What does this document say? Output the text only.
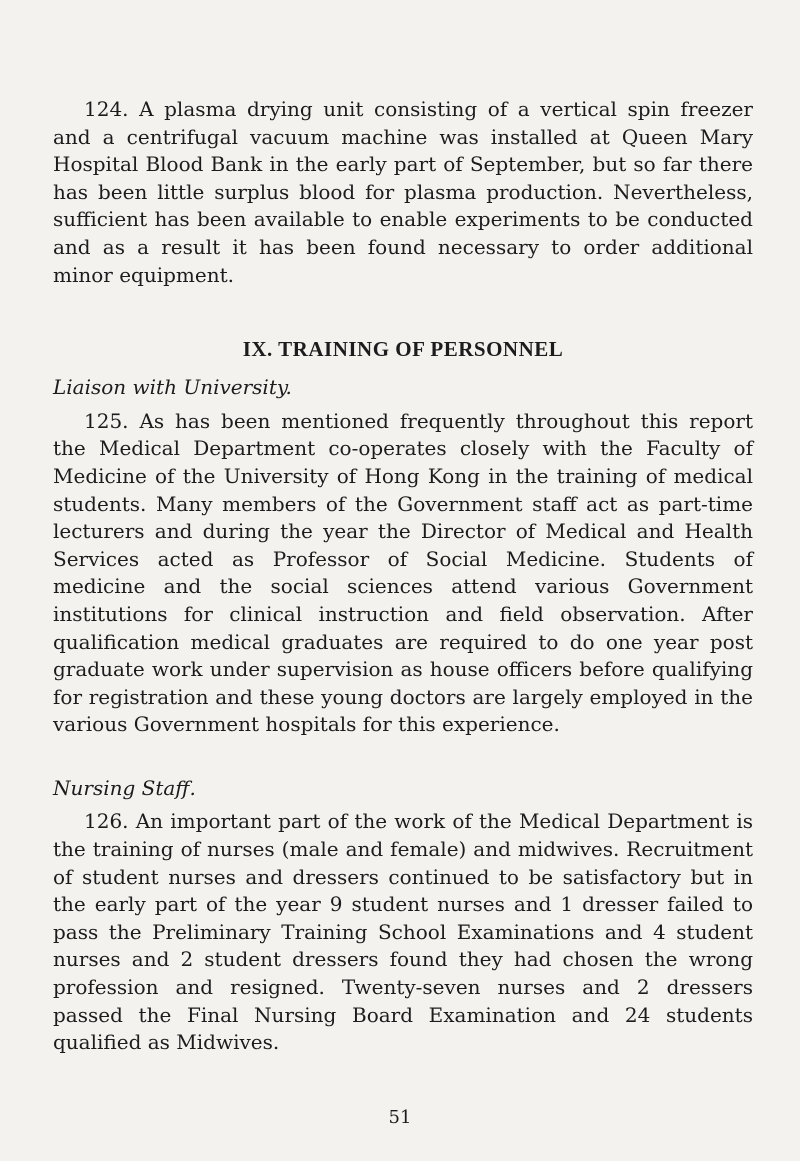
124. A plasma drying unit consisting of a vertical spin freezer and a centrifugal vacuum machine was installed at Queen Mary Hospital Blood Bank in the early part of September, but so far there has been little surplus blood for plasma production. Nevertheless, sufficient has been available to enable experiments to be conducted and as a result it has been found necessary to order additional minor equipment.

IX. TRAINING OF PERSONNEL

Liaison with University.

125. As has been mentioned frequently throughout this report the Medical Department co-operates closely with the Faculty of Medicine of the University of Hong Kong in the training of medical students. Many members of the Government staff act as part-time lecturers and during the year the Director of Medical and Health Services acted as Professor of Social Medicine. Students of medicine and the social sciences attend various Government institutions for clinical instruction and field observation. After qualification medical graduates are required to do one year post graduate work under supervision as house officers before qualifying for registration and these young doctors are largely employed in the various Government hospitals for this experience.

Nursing Staff.

126. An important part of the work of the Medical Department is the training of nurses (male and female) and midwives. Recruitment of student nurses and dressers continued to be satisfactory but in the early part of the year 9 student nurses and 1 dresser failed to pass the Preliminary Training School Examinations and 4 student nurses and 2 student dressers found they had chosen the wrong profession and resigned. Twenty-seven nurses and 2 dressers passed the Final Nursing Board Examination and 24 students qualified as Midwives.

51
